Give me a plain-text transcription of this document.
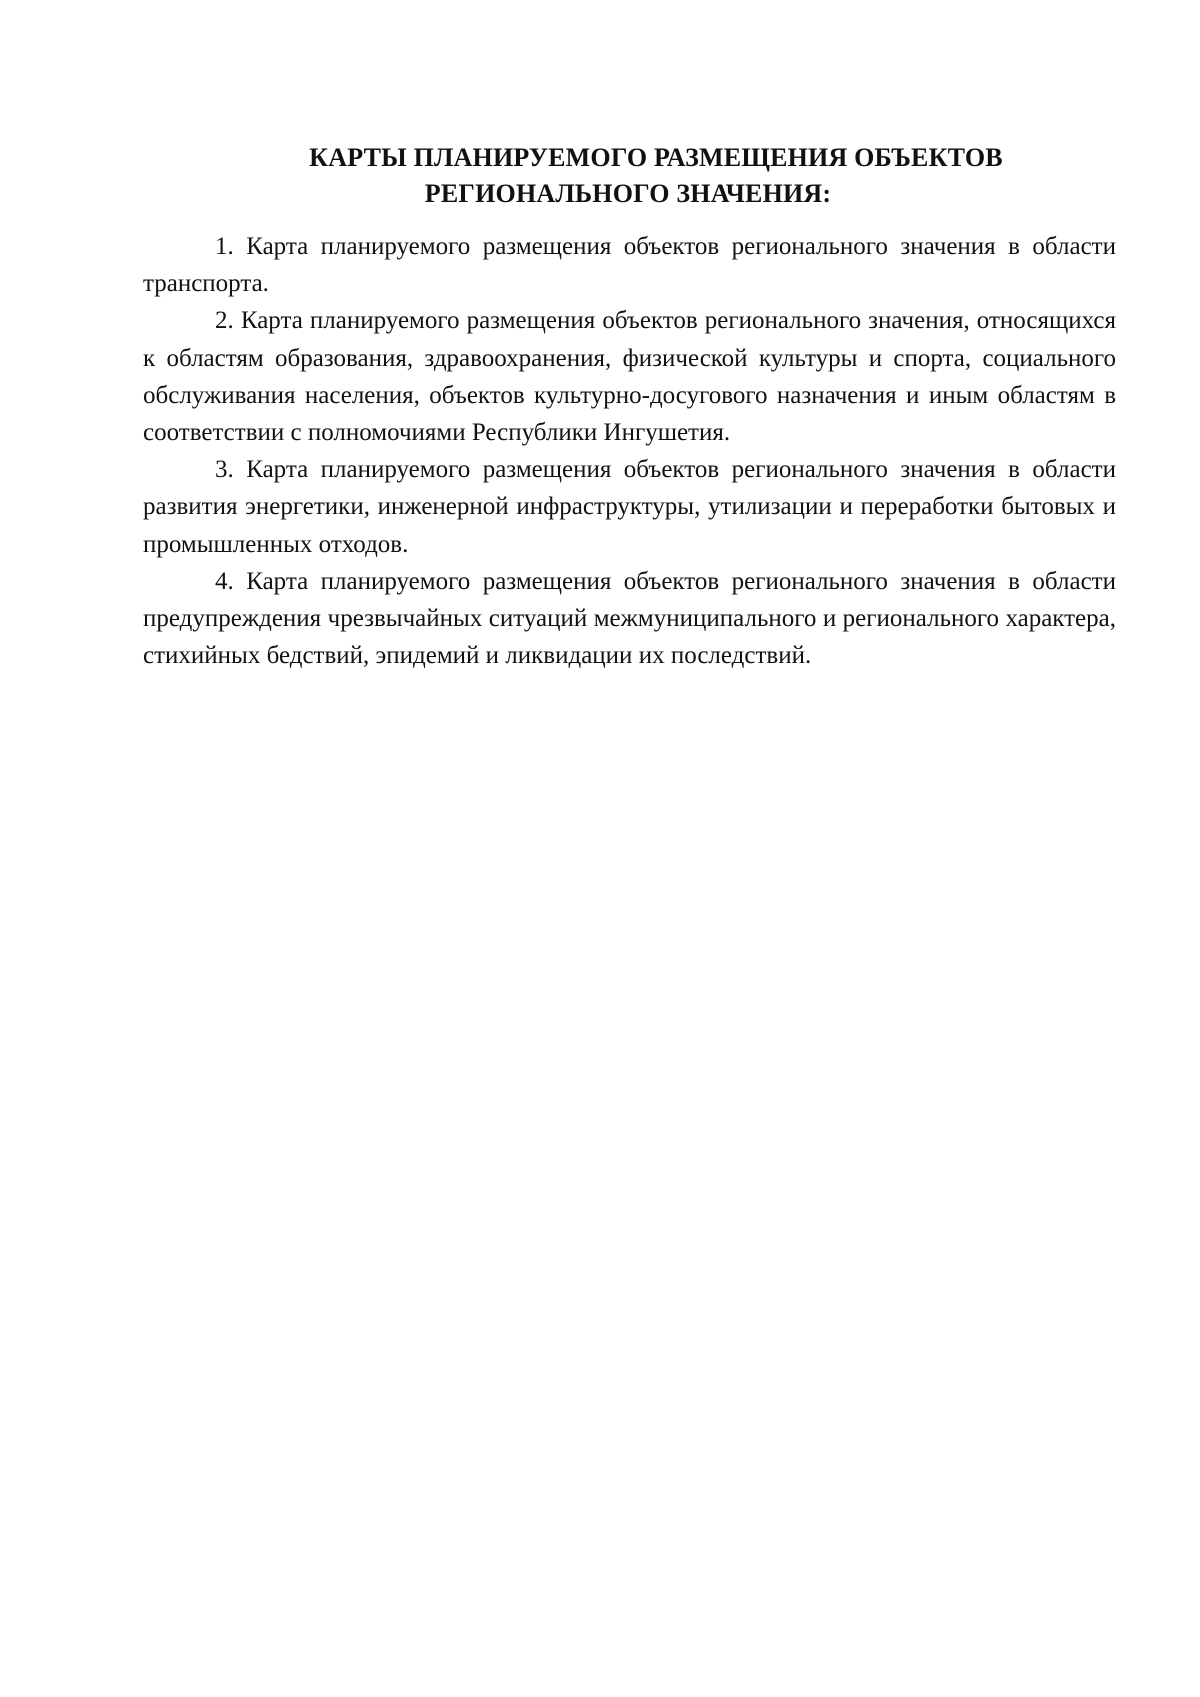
КАРТЫ ПЛАНИРУЕМОГО РАЗМЕЩЕНИЯ ОБЪЕКТОВ
РЕГИОНАЛЬНОГО ЗНАЧЕНИЯ:

1. Карта планируемого размещения объектов регионального значения в области транспорта.

2. Карта планируемого размещения объектов регионального значения, относящихся к областям образования, здравоохранения, физической культуры и спорта, социального обслуживания населения, объектов культурно-досугового назначения и иным областям в соответствии с полномочиями Республики Ингушетия.

3. Карта планируемого размещения объектов регионального значения в области развития энергетики, инженерной инфраструктуры, утилизации и переработки бытовых и промышленных отходов.

4. Карта планируемого размещения объектов регионального значения в области предупреждения чрезвычайных ситуаций межмуниципального и регионального характера, стихийных бедствий, эпидемий и ликвидации их последствий.
